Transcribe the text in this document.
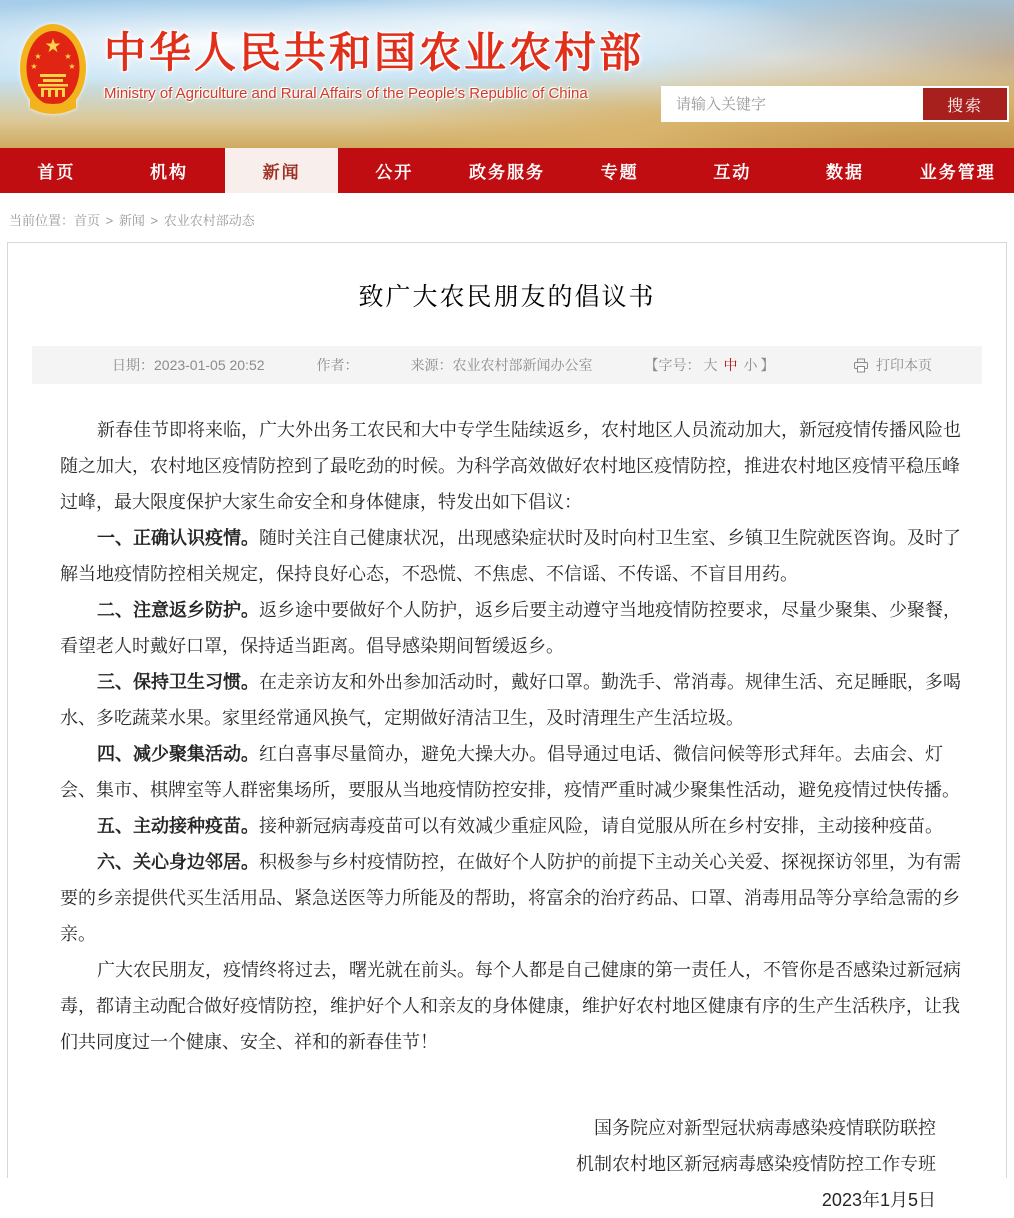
★
★	★
★	★ 中华人民共和国农业农村部
Ministry of Agriculture and Rural Affairs of the People's Republic of China
请输入关键字
搜索
首页	机构	新闻	公开	政务服务	专题	互动	数据	业务管理
当前位置：首页 > 新闻 > 农业农村部动态
致广大农民朋友的倡议书
日期： 2023-01-05 20:52	作者：	来源： 农业农村部新闻办公室	【字号： 大 中 小 】	打印本页

新春佳节即将来临，广大外出务工农民和大中专学生陆续返乡，农村地区人员流动加大，新冠疫情传播风险也随之加大，农村地区疫情防控到了最吃劲的时候。为科学高效做好农村地区疫情防控，推进农村地区疫情平稳压峰过峰，最大限度保护大家生命安全和身体健康，特发出如下倡议：

一、正确认识疫情。随时关注自己健康状况，出现感染症状时及时向村卫生室、乡镇卫生院就医咨询。及时了解当地疫情防控相关规定，保持良好心态，不恐慌、不焦虑、不信谣、不传谣、不盲目用药。

二、注意返乡防护。返乡途中要做好个人防护，返乡后要主动遵守当地疫情防控要求，尽量少聚集、少聚餐，看望老人时戴好口罩，保持适当距离。倡导感染期间暂缓返乡。

三、保持卫生习惯。在走亲访友和外出参加活动时，戴好口罩。勤洗手、常消毒。规律生活、充足睡眠，多喝水、多吃蔬菜水果。家里经常通风换气，定期做好清洁卫生，及时清理生产生活垃圾。

四、减少聚集活动。红白喜事尽量简办，避免大操大办。倡导通过电话、微信问候等形式拜年。去庙会、灯会、集市、棋牌室等人群密集场所，要服从当地疫情防控安排，疫情严重时减少聚集性活动，避免疫情过快传播。

五、主动接种疫苗。接种新冠病毒疫苗可以有效减少重症风险，请自觉服从所在乡村安排，主动接种疫苗。

六、关心身边邻居。积极参与乡村疫情防控，在做好个人防护的前提下主动关心关爱、探视探访邻里，为有需要的乡亲提供代买生活用品、紧急送医等力所能及的帮助，将富余的治疗药品、口罩、消毒用品等分享给急需的乡亲。

广大农民朋友，疫情终将过去，曙光就在前头。每个人都是自己健康的第一责任人，不管你是否感染过新冠病毒，都请主动配合做好疫情防控，维护好个人和亲友的身体健康，维护好农村地区健康有序的生产生活秩序，让我们共同度过一个健康、安全、祥和的新春佳节！

国务院应对新型冠状病毒感染疫情联防联控

机制农村地区新冠病毒感染疫情防控工作专班

2023年1月5日
